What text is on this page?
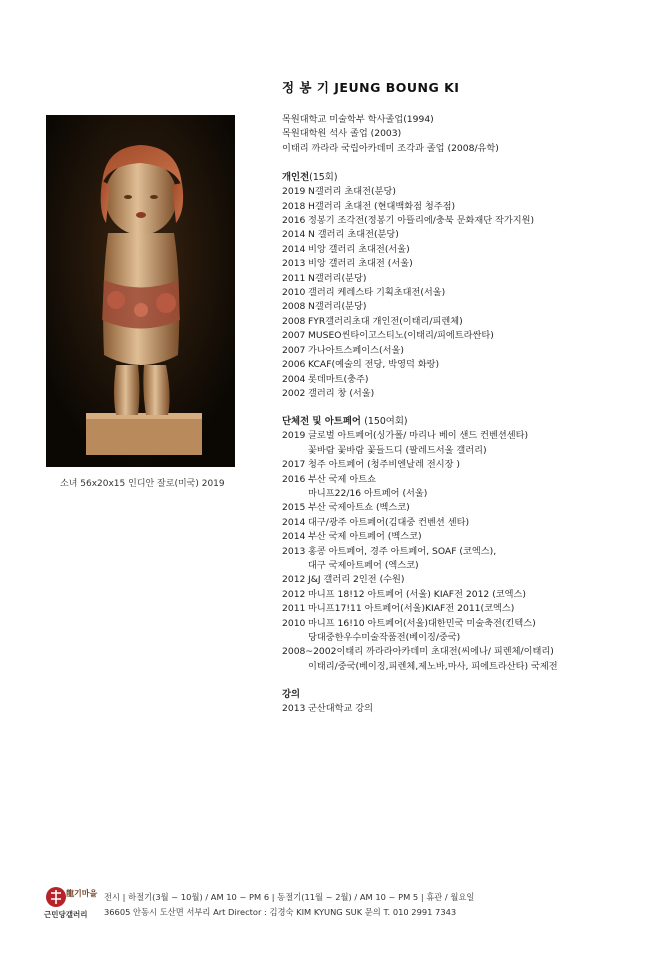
소녀 56x20x15 인디안 잘로(미국) 2019
정 봉 기 JEUNG BOUNG KI
목원대학교 미술학부 학사졸업(1994)
목원대학원 석사 졸업 (2003)
이태리 까라라 국립아카데미 조각과 졸업 (2008/유학)
개인전(15회)
2019 N갤러리 초대전(분당)
2018 H갤러리 초대전 (현대백화점 청주점)
2016 정봉기 조각전(정봉기 아뜰리에/충북 문화재단 작가지원)
2014 N 갤러리 초대전(분당)
2014 비앙 갤러리 초대전(서울)
2013 비앙 갤러리 초대전 (서울)
2011 N갤러리(분당)
2010 갤러리 케레스타 기획초대전(서울)
2008 N갤러리(분당)
2008 FYR갤러리초대 개인전(이태리/피렌체)
2007 MUSEO씬타이고스티노(이태리/피에트라싼타)
2007 가나아트스페이스(서울)
2006 KCAF(예술의 전당, 박영덕 화랑)
2004 롯데마트(충주)
2002 갤러리 창 (서울)
단체전 및 아트페어 (150여회)
2019 글로벌 아트페어(싱가폴/ 마리나 베이 샌드 컨벤션센타)
꽃바람 꽃바람 꽃들드디 (팔레드서울 갤러리)
2017 청주 아트페어 (청주비엔날레 전시장 )
2016 부산 국제 아트쇼
마니프22/16 아트페어 (서울)
2015 부산 국제아트쇼 (벡스코)
2014 대구/광주 아트페어(김대중 컨벤션 센타)
2014 부산 국제 아트페어 (벡스코)
2013 홍콩 아트페어, 경주 아트페어, SOAF (코엑스),
대구 국제아트페어 (엑스코)
2012 J&J 갤러리 2인전 (수원)
2012 마니프 18!12 아트페어 (서울) KIAF전 2012 (코엑스)
2011 마니프17!11 아트페어(서울)KIAF전 2011(코엑스)
2010 마니프 16!10 아트페어(서울)대한민국 미술축전(킨텍스)
당대중한우수미술작품전(베이징/중국)
2008~2002 이태리 까라라아카데미 초대전(씨에나/ 피렌체/이태리)
이태리/중국(베이징,피렌체,제노바,마사, 피에트라산타) 국제전
강의
2013 군산대학교 강의
龍기마을
근민당갤러리
전시 | 하절기(3월 ~ 10월) / AM 10 ~ PM 6 | 동절기(11월 ~ 2월) / AM 10 ~ PM 5 | 휴관 / 월요일
36605 안동시 도산면 서부리 Art Director : 김경숙 KIM KYUNG SUK 문의 T. 010 2991 7343
